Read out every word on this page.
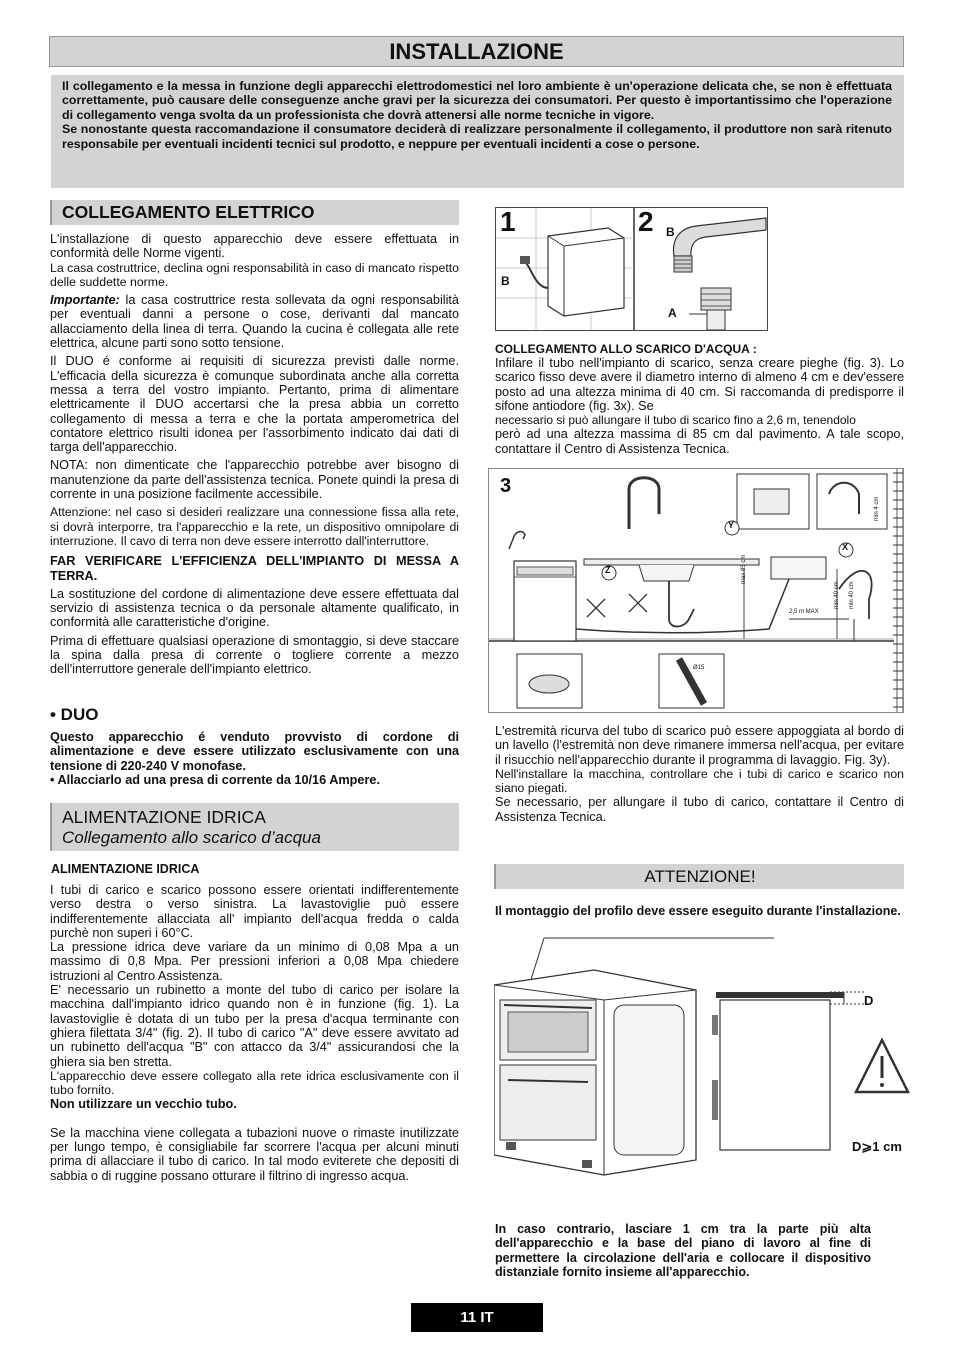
INSTALLAZIONE

Il collegamento e la messa in funzione degli apparecchi elettrodomestici nel loro ambiente è un'operazione delicata che, se non è effettuata correttamente, può causare delle conseguenze anche gravi per la sicurezza dei consumatori. Per questo è importantissimo che l'operazione di collegamento venga svolta da un professionista che dovrà attenersi alle norme tecniche in vigore.

Se nonostante questa raccomandazione il consumatore deciderà di realizzare personalmente il collegamento, il produttore non sarà ritenuto responsabile per eventuali incidenti tecnici sul prodotto, e neppure per eventuali incidenti a cose o persone.

COLLEGAMENTO ELETTRICO
L'installazione di questo apparecchio deve essere effettuata in conformità delle Norme vigenti.

La casa costruttrice, declina ogni responsabilità in caso di mancato rispetto delle suddette norme.

Importante: la casa costruttrice resta sollevata da ogni responsabilità per eventuali danni a persone o cose, derivanti dal mancato allacciamento della linea di terra. Quando la cucina è collegata alle rete elettrica, alcune parti sono sotto tensione.

Il DUO é conforme ai requisiti di sicurezza previsti dalle norme. L'efficacia della sicurezza è comunque subordinata anche alla corretta messa a terra del vostro impianto. Pertanto, prima di alimentare elettricamente il DUO accertarsi che la presa abbia un corretto collegamento di messa a terra e che la portata amperometrica del contatore elettrico risulti idonea per l'assorbimento indicato dai dati di targa dell'apparecchio.

NOTA: non dimenticate che l'apparecchio potrebbe aver bisogno di manutenzione da parte dell'assistenza tecnica. Ponete quindi la presa di corrente in una posizione facilmente accessibile.

Attenzione: nel caso si desideri realizzare una connessione fissa alla rete, si dovrà interporre, tra l'apparecchio e la rete, un dispositivo omnipolare di interruzione. Il cavo di terra non deve essere interrotto dall'interruttore.

FAR VERIFICARE L'EFFICIENZA DELL'IMPIANTO DI MESSA A TERRA.

La sostituzione del cordone di alimentazione deve essere effettuata dal servizio di assistenza tecnica o da personale altamente qualificato, in conformità alle caratteristiche d'origine.

Prima di effettuare qualsiasi operazione di smontaggio, si deve staccare la spina dalla presa di corrente o togliere corrente a mezzo dell'interruttore generale dell'impianto elettrico.

• DUO

Questo apparecchio é venduto provvisto di cordone di alimentazione e deve essere utilizzato esclusivamente con una tensione di 220-240 V monofase.

• Allacciarlo ad una presa di corrente da 10/16 Ampere.

ALIMENTAZIONE IDRICA
Collegamento allo scarico d’acqua
ALIMENTAZIONE IDRICA
I tubi di carico e scarico possono essere orientati indifferentemente verso destra o verso sinistra. La lavastoviglie può essere indifferentemente allacciata all' impianto dell'acqua fredda o calda purchè non superi i 60°C.
La pressione idrica deve variare da un minimo di 0,08 Mpa a un massimo di 0,8 Mpa. Per pressioni inferiori a 0,08 Mpa chiedere istruzioni al Centro Assistenza.
E' necessario un rubinetto a monte del tubo di carico per isolare la macchina dall'impianto idrico quando non è in funzione (fig. 1). La lavastoviglie è dotata di un tubo per la presa d'acqua terminante con ghiera filettata 3/4" (fig. 2). Il tubo di carico "A" deve essere avvitato ad un rubinetto dell'acqua "B" con attacco da 3/4" assicurandosi che la ghiera sia ben stretta.
L'apparecchio deve essere collegato alla rete idrica esclusivamente con il tubo fornito.
Non utilizzare un vecchio tubo.
Se la macchina viene collegata a tubazioni nuove o rimaste inutilizzate per lungo tempo, è consigliabile far scorrere l'acqua per alcuni minuti prima di allacciare il tubo di carico. In tal modo eviterete che depositi di sabbia o di ruggine possano otturare il filtrino di ingresso acqua.
1	2
B
B
A
COLLEGAMENTO ALLO SCARICO D'ACQUA :
Infilare il tubo nell'impianto di scarico, senza creare pieghe (fig. 3). Lo scarico fisso deve avere il diametro interno di almeno 4 cm e dev'essere posto ad una altezza minima di 40 cm. Si raccomanda di predisporre il sifone antiodore (fig. 3x). Se
necessario si può allungare il tubo di scarico fino a 2,6 m, tenendolo
però ad una altezza massima di 85 cm dal pavimento. A tale scopo, contattare il Centro di Assistenza Tecnica.
3
Z
Y
X
2,5 m MAX
max 85 cm
min 40 cm min 40 cm
min 4 cm
Ø15
L'estremità ricurva del tubo di scarico può essere appoggiata al bordo di un lavello (l'estremità non deve rimanere immersa nell'acqua, per evitare il risucchio nell'apparecchio durante il programma di lavaggio. Fig. 3y).
Nell'installare la macchina, controllare che i tubi di carico e scarico non siano piegati.
Se necessario, per allungare il tubo di carico, contattare il Centro di Assistenza Tecnica.
ATTENZIONE!
Il montaggio del profilo deve essere eseguito durante l'installazione.
D
D⩾1 cm
In caso contrario, lasciare 1 cm tra la parte più alta dell'apparecchio e la base del piano di lavoro al fine di permettere la circolazione dell'aria e collocare il dispositivo distanziale fornito insieme all'apparecchio.
11 IT
